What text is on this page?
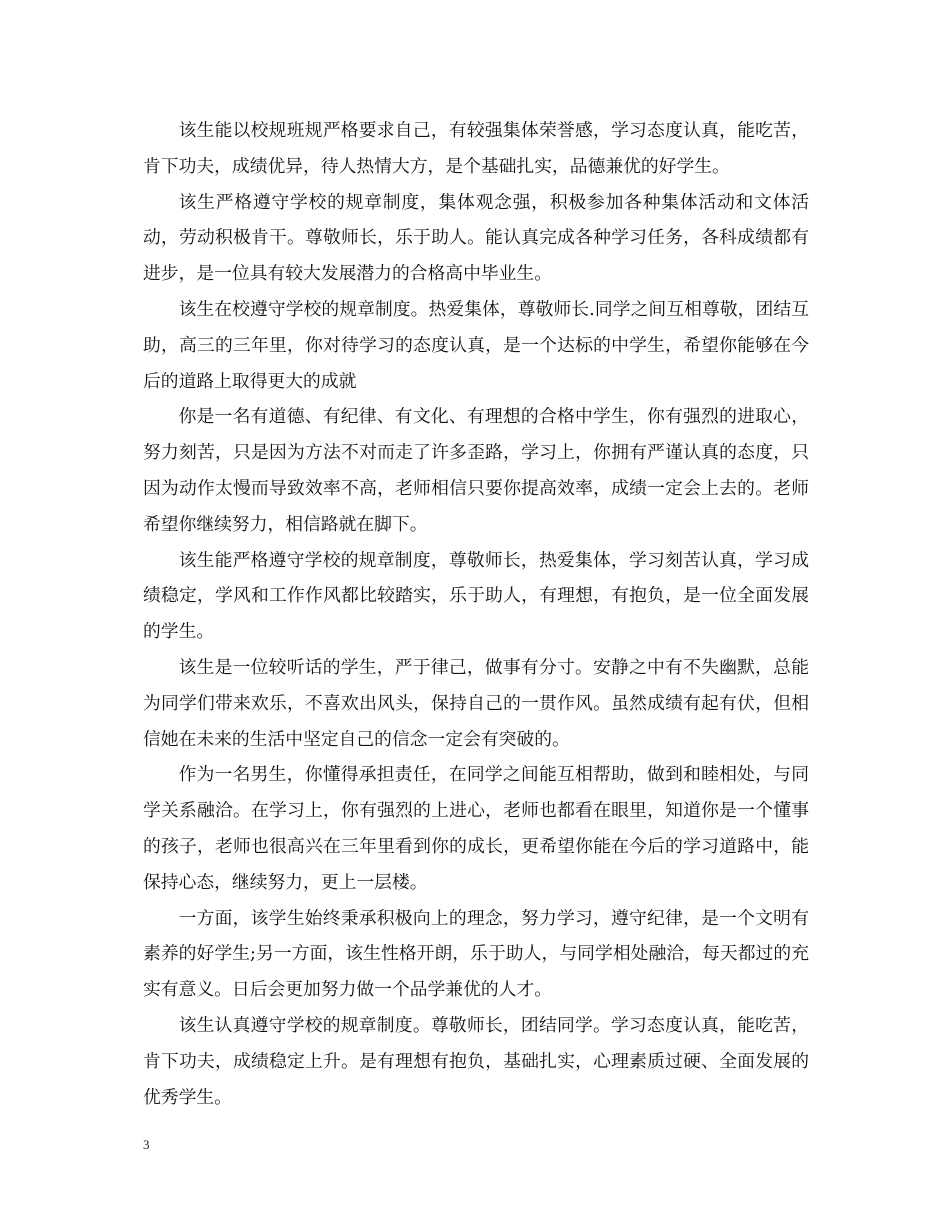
该生能以校规班规严格要求自己，有较强集体荣誉感，学习态度认真，能吃苦，肯下功夫，成绩优异，待人热情大方，是个基础扎实，品德兼优的好学生。

该生严格遵守学校的规章制度，集体观念强，积极参加各种集体活动和文体活动，劳动积极肯干。尊敬师长，乐于助人。能认真完成各种学习任务，各科成绩都有进步，是一位具有较大发展潜力的合格高中毕业生。

该生在校遵守学校的规章制度。热爱集体，尊敬师长.同学之间互相尊敬，团结互助，高三的三年里，你对待学习的态度认真，是一个达标的中学生，希望你能够在今后的道路上取得更大的成就

你是一名有道德、有纪律、有文化、有理想的合格中学生，你有强烈的进取心，努力刻苦，只是因为方法不对而走了许多歪路，学习上，你拥有严谨认真的态度，只因为动作太慢而导致效率不高，老师相信只要你提高效率，成绩一定会上去的。老师希望你继续努力，相信路就在脚下。

该生能严格遵守学校的规章制度，尊敬师长，热爱集体，学习刻苦认真，学习成绩稳定，学风和工作作风都比较踏实，乐于助人，有理想，有抱负，是一位全面发展的学生。

该生是一位较听话的学生，严于律己，做事有分寸。安静之中有不失幽默，总能为同学们带来欢乐，不喜欢出风头，保持自己的一贯作风。虽然成绩有起有伏，但相信她在未来的生活中坚定自己的信念一定会有突破的。

作为一名男生，你懂得承担责任，在同学之间能互相帮助，做到和睦相处，与同学关系融洽。在学习上，你有强烈的上进心，老师也都看在眼里，知道你是一个懂事的孩子，老师也很高兴在三年里看到你的成长，更希望你能在今后的学习道路中，能保持心态，继续努力，更上一层楼。

一方面，该学生始终秉承积极向上的理念，努力学习，遵守纪律，是一个文明有素养的好学生;另一方面，该生性格开朗，乐于助人，与同学相处融洽，每天都过的充实有意义。日后会更加努力做一个品学兼优的人才。

该生认真遵守学校的规章制度。尊敬师长，团结同学。学习态度认真，能吃苦，肯下功夫，成绩稳定上升。是有理想有抱负，基础扎实，心理素质过硬、全面发展的优秀学生。

3
